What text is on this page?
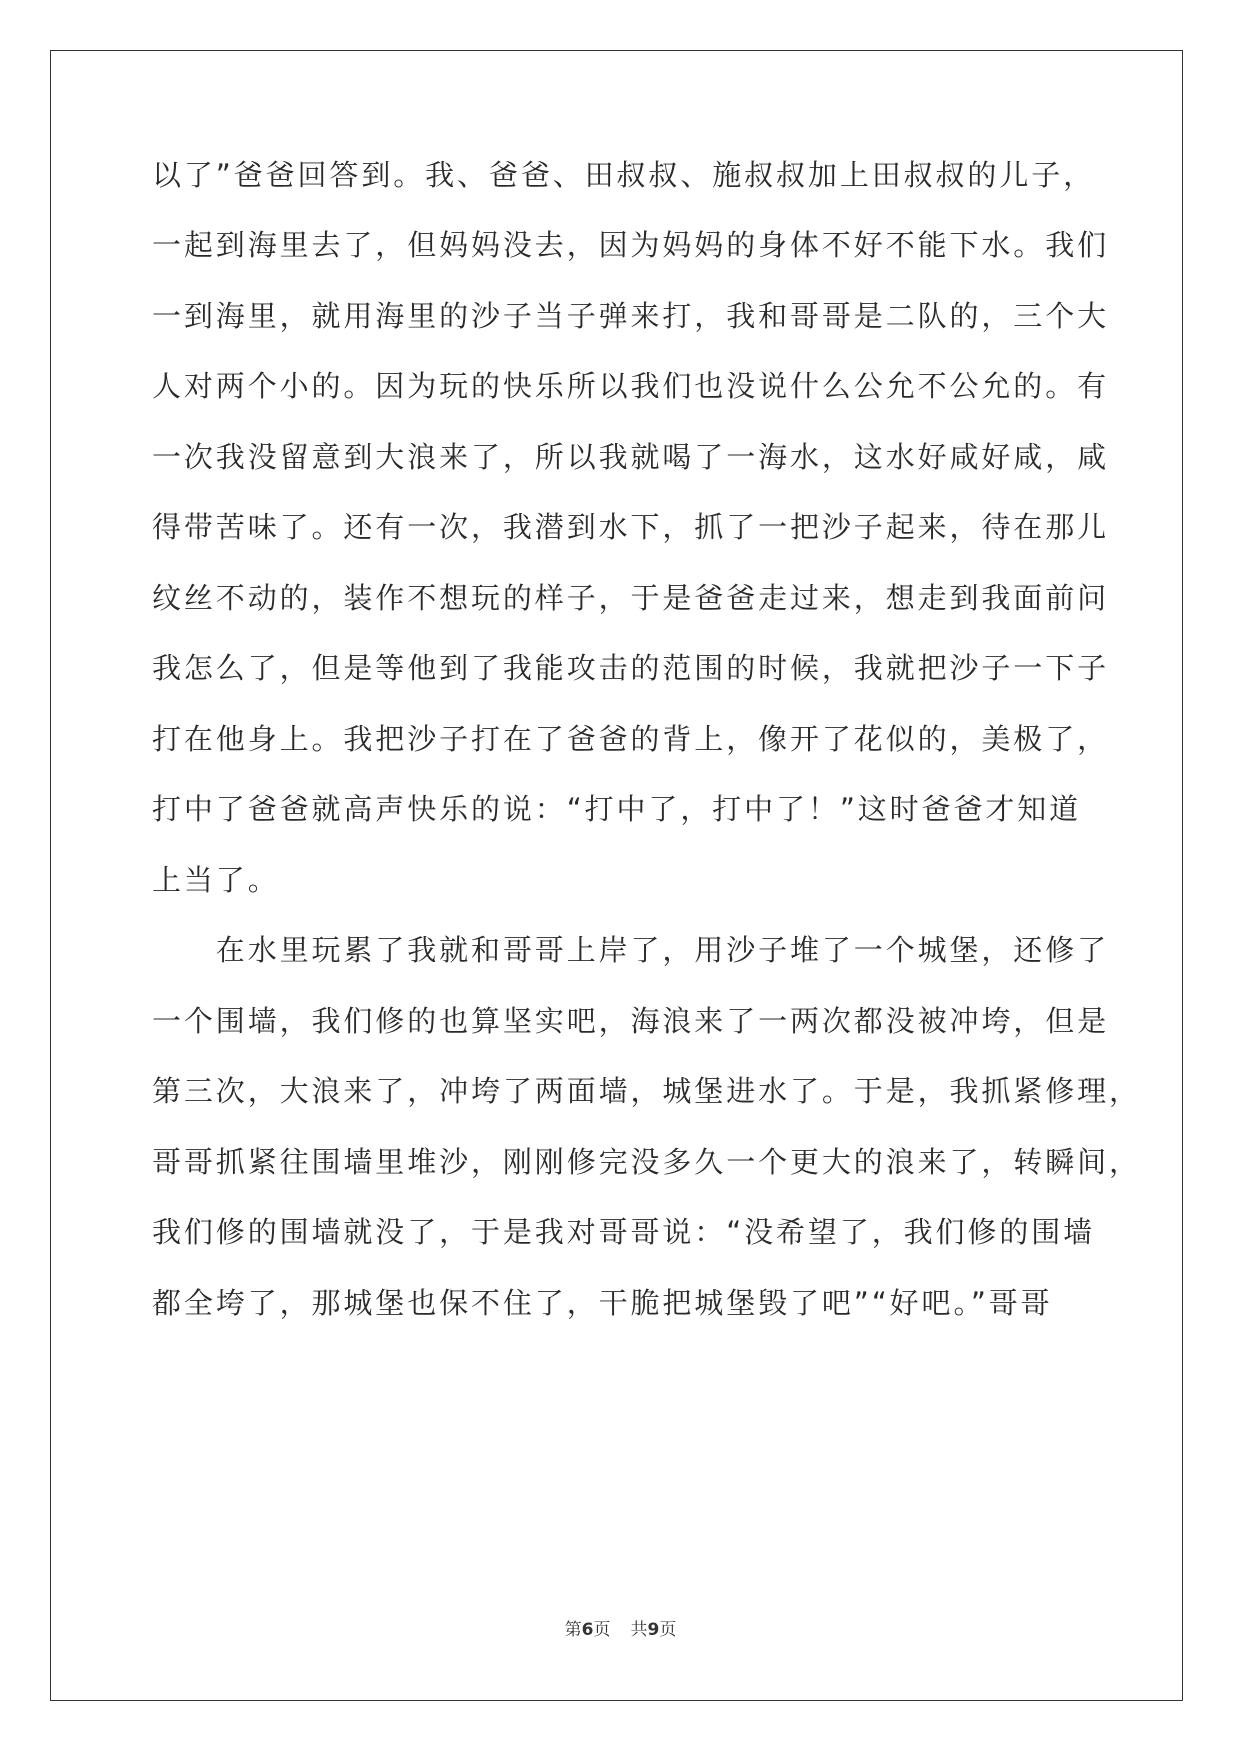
以了”爸爸回答到。我、爸爸、田叔叔、施叔叔加上田叔叔的儿子，
一起到海里去了，但妈妈没去，因为妈妈的身体不好不能下水。我们
一到海里，就用海里的沙子当子弹来打，我和哥哥是二队的，三个大
人对两个小的。因为玩的快乐所以我们也没说什么公允不公允的。有
一次我没留意到大浪来了，所以我就喝了一海水，这水好咸好咸，咸
得带苦味了。还有一次，我潜到水下，抓了一把沙子起来，待在那儿
纹丝不动的，装作不想玩的样子，于是爸爸走过来，想走到我面前问
我怎么了，但是等他到了我能攻击的范围的时候，我就把沙子一下子
打在他身上。我把沙子打在了爸爸的背上，像开了花似的，美极了，
打中了爸爸就高声快乐的说：“打中了，打中了！”这时爸爸才知道
上当了。
　　在水里玩累了我就和哥哥上岸了，用沙子堆了一个城堡，还修了
一个围墙，我们修的也算坚实吧，海浪来了一两次都没被冲垮，但是
第三次，大浪来了，冲垮了两面墙，城堡进水了。于是，我抓紧修理，
哥哥抓紧往围墙里堆沙，刚刚修完没多久一个更大的浪来了，转瞬间，
我们修的围墙就没了，于是我对哥哥说：“没希望了，我们修的围墙
都全垮了，那城堡也保不住了，干脆把城堡毁了吧”“好吧。”哥哥
第6页 共9页
